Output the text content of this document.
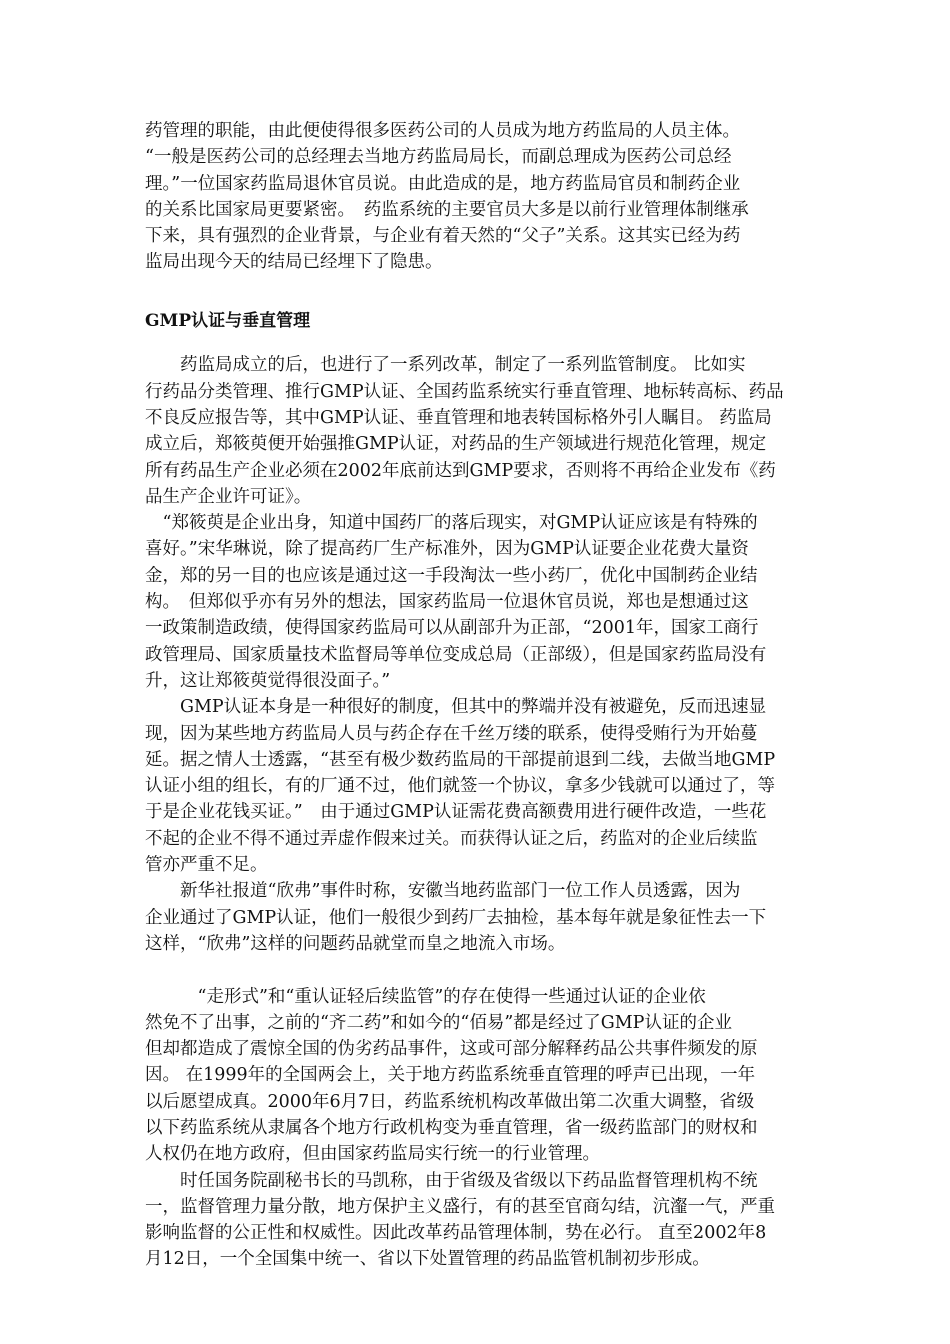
药管理的职能，由此便使得很多医药公司的人员成为地方药监局的人员主体。
“一般是医药公司的总经理去当地方药监局局长，而副总理成为医药公司总经
理。”一位国家药监局退休官员说。由此造成的是，地方药监局官员和制药企业
的关系比国家局更要紧密。　药监系统的主要官员大多是以前行业管理体制继承
下来，具有强烈的企业背景，与企业有着天然的“父子”关系。这其实已经为药
监局出现今天的结局已经埋下了隐患。
GMP认证与垂直管理
　　药监局成立的后，也进行了一系列改革，制定了一系列监管制度。 比如实
行药品分类管理、推行GMP认证、全国药监系统实行垂直管理、地标转高标、药品
不良反应报告等，其中GMP认证、垂直管理和地表转国标格外引人瞩目。 药监局
成立后，郑筱萸便开始强推GMP认证，对药品的生产领域进行规范化管理，规定
所有药品生产企业必须在2002年底前达到GMP要求，否则将不再给企业发布《药
品生产企业许可证》。
　“郑筱萸是企业出身，知道中国药厂的落后现实，对GMP认证应该是有特殊的
喜好。”宋华琳说，除了提高药厂生产标准外，因为GMP认证要企业花费大量资
金，郑的另一目的也应该是通过这一手段淘汰一些小药厂，优化中国制药企业结
构。　但郑似乎亦有另外的想法，国家药监局一位退休官员说，郑也是想通过这
一政策制造政绩，使得国家药监局可以从副部升为正部，“2001年，国家工商行
政管理局、国家质量技术监督局等单位变成总局（正部级），但是国家药监局没有
升，这让郑筱萸觉得很没面子。”
　　GMP认证本身是一种很好的制度，但其中的弊端并没有被避免，反而迅速显
现，因为某些地方药监局人员与药企存在千丝万缕的联系，使得受贿行为开始蔓
延。据之情人士透露，“甚至有极少数药监局的干部提前退到二线，去做当地GMP
认证小组的组长，有的厂通不过，他们就签一个协议，拿多少钱就可以通过了，等
于是企业花钱买证。”　由于通过GMP认证需花费高额费用进行硬件改造，一些花
不起的企业不得不通过弄虚作假来过关。而获得认证之后，药监对的企业后续监
管亦严重不足。
　　新华社报道“欣弗”事件时称，安徽当地药监部门一位工作人员透露，因为
企业通过了GMP认证，他们一般很少到药厂去抽检，基本每年就是象征性去一下
这样，“欣弗”这样的问题药品就堂而皇之地流入市场。
　　　“走形式”和“重认证轻后续监管”的存在使得一些通过认证的企业依
然免不了出事，之前的“齐二药”和如今的“佰易”都是经过了GMP认证的企业
但却都造成了震惊全国的伪劣药品事件，这或可部分解释药品公共事件频发的原
因。 在1999年的全国两会上，关于地方药监系统垂直管理的呼声已出现，一年
以后愿望成真。2000年6月7日，药监系统机构改革做出第二次重大调整，省级
以下药监系统从隶属各个地方行政机构变为垂直管理，省一级药监部门的财权和
人权仍在地方政府，但由国家药监局实行统一的行业管理。
　　时任国务院副秘书长的马凯称，由于省级及省级以下药品监督管理机构不统
一，监督管理力量分散，地方保护主义盛行，有的甚至官商勾结，沆瀣一气，严重
影响监督的公正性和权威性。因此改革药品管理体制，势在必行。 直至2002年8
月12日，一个全国集中统一、省以下处置管理的药品监管机制初步形成。
